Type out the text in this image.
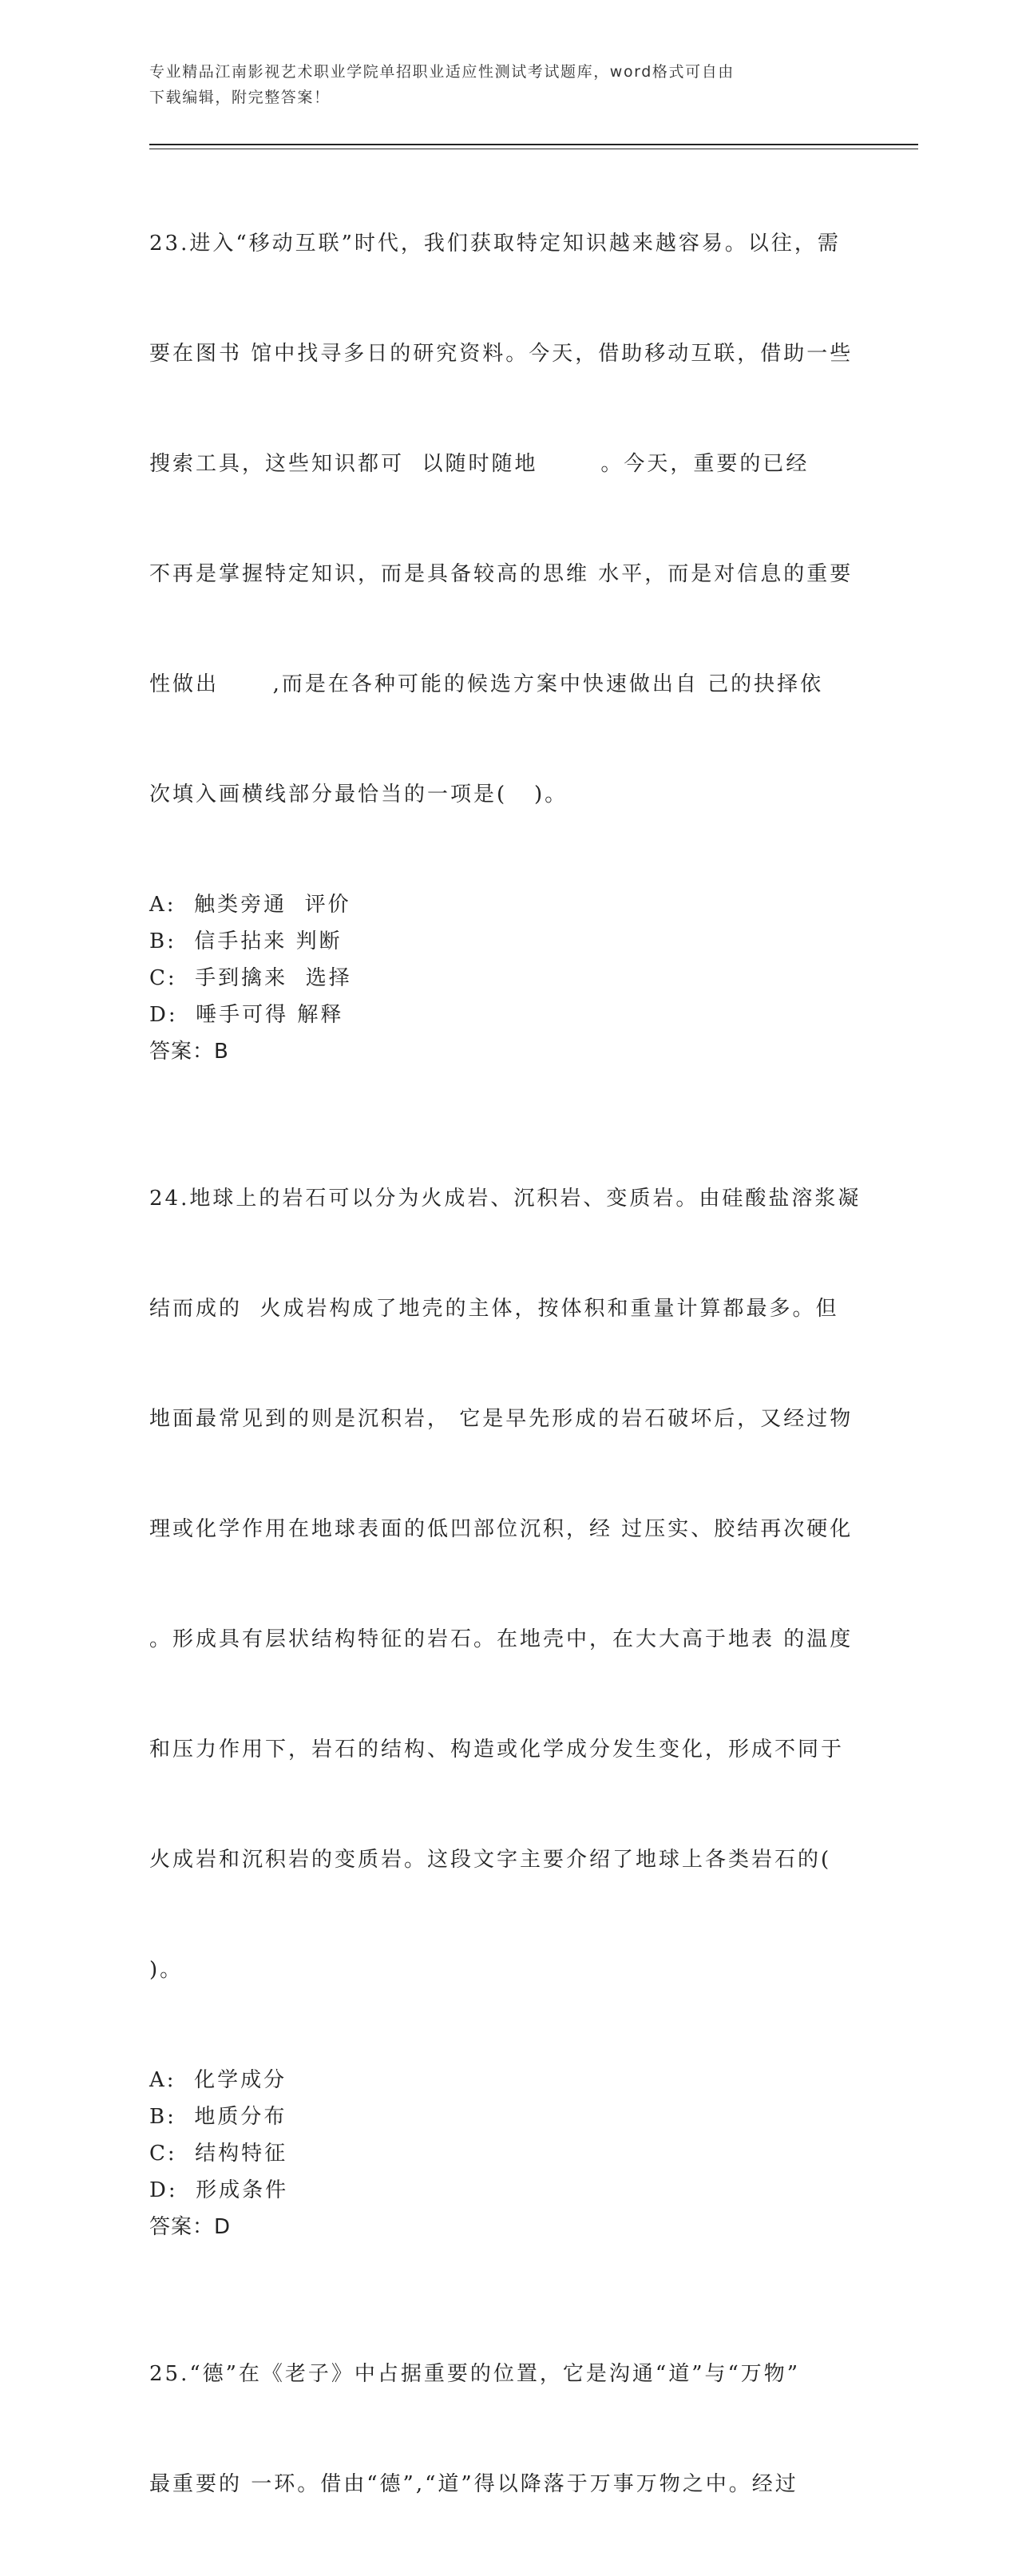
专业精品江南影视艺术职业学院单招职业适应性测试考试题库，word格式可自由
下载编辑，附完整答案！

23.进入“移动互联”时代，我们获取特定知识越来越容易。以往，需

要在图书 馆中找寻多日的研究资料。今天，借助移动互联，借助一些

搜索工具，这些知识都可  以随时随地       。今天，重要的已经

不再是掌握特定知识，而是具备较高的思维 水平，而是对信息的重要

性做出      ,而是在各种可能的候选方案中快速做出自 己的抉择依

次填入画横线部分最恰当的一项是(   )。

A:  触类旁通  评价
B:  信手拈来 判断
C:  手到擒来  选择
D:  唾手可得 解释
答案：B

24.地球上的岩石可以分为火成岩、沉积岩、变质岩。由硅酸盐溶浆凝

结而成的  火成岩构成了地壳的主体，按体积和重量计算都最多。但

地面最常见到的则是沉积岩， 它是早先形成的岩石破坏后，又经过物

理或化学作用在地球表面的低凹部位沉积，经 过压实、胶结再次硬化

。形成具有层状结构特征的岩石。在地壳中，在大大高于地表 的温度

和压力作用下，岩石的结构、构造或化学成分发生变化，形成不同于

火成岩和沉积岩的变质岩。这段文字主要介绍了地球上各类岩石的(

)。

A:  化学成分
B:  地质分布
C:  结构特征
D:  形成条件
答案：D

25.“德”在《老子》中占据重要的位置，它是沟通“道”与“万物”

最重要的 一环。借由“德”,“道”得以降落于万事万物之中。经过
